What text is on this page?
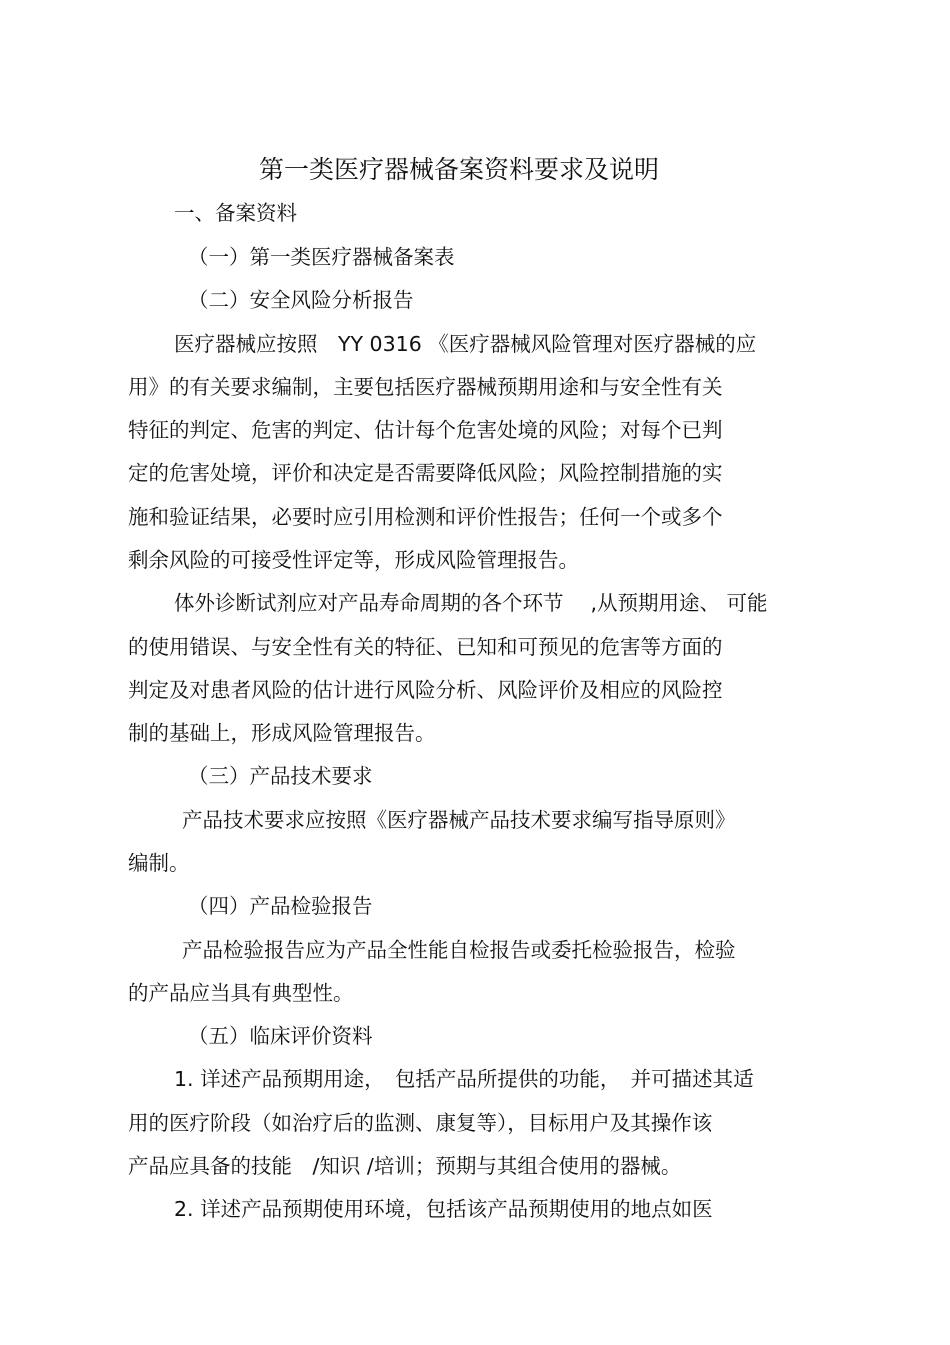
第一类医疗器械备案资料要求及说明
一、备案资料
（一）第一类医疗器械备案表
（二）安全风险分析报告
医疗器械应按照　YY 0316 《医疗器械风险管理对医疗器械的应
用》的有关要求编制，主要包括医疗器械预期用途和与安全性有关
特征的判定、危害的判定、估计每个危害处境的风险；对每个已判
定的危害处境，评价和决定是否需要降低风险；风险控制措施的实
施和验证结果，必要时应引用检测和评价性报告；任何一个或多个
剩余风险的可接受性评定等，形成风险管理报告。
体外诊断试剂应对产品寿命周期的各个环节　 ,从预期用途、 可能
的使用错误、与安全性有关的特征、已知和可预见的危害等方面的
判定及对患者风险的估计进行风险分析、风险评价及相应的风险控
制的基础上，形成风险管理报告。
（三）产品技术要求
产品技术要求应按照《医疗器械产品技术要求编写指导原则》
编制。
（四）产品检验报告
产品检验报告应为产品全性能自检报告或委托检验报告，检验
的产品应当具有典型性。
（五）临床评价资料
1. 详述产品预期用途，　包括产品所提供的功能，　并可描述其适
用的医疗阶段（如治疗后的监测、康复等），目标用户及其操作该
产品应具备的技能　/知识 /培训；预期与其组合使用的器械。
2. 详述产品预期使用环境，包括该产品预期使用的地点如医
